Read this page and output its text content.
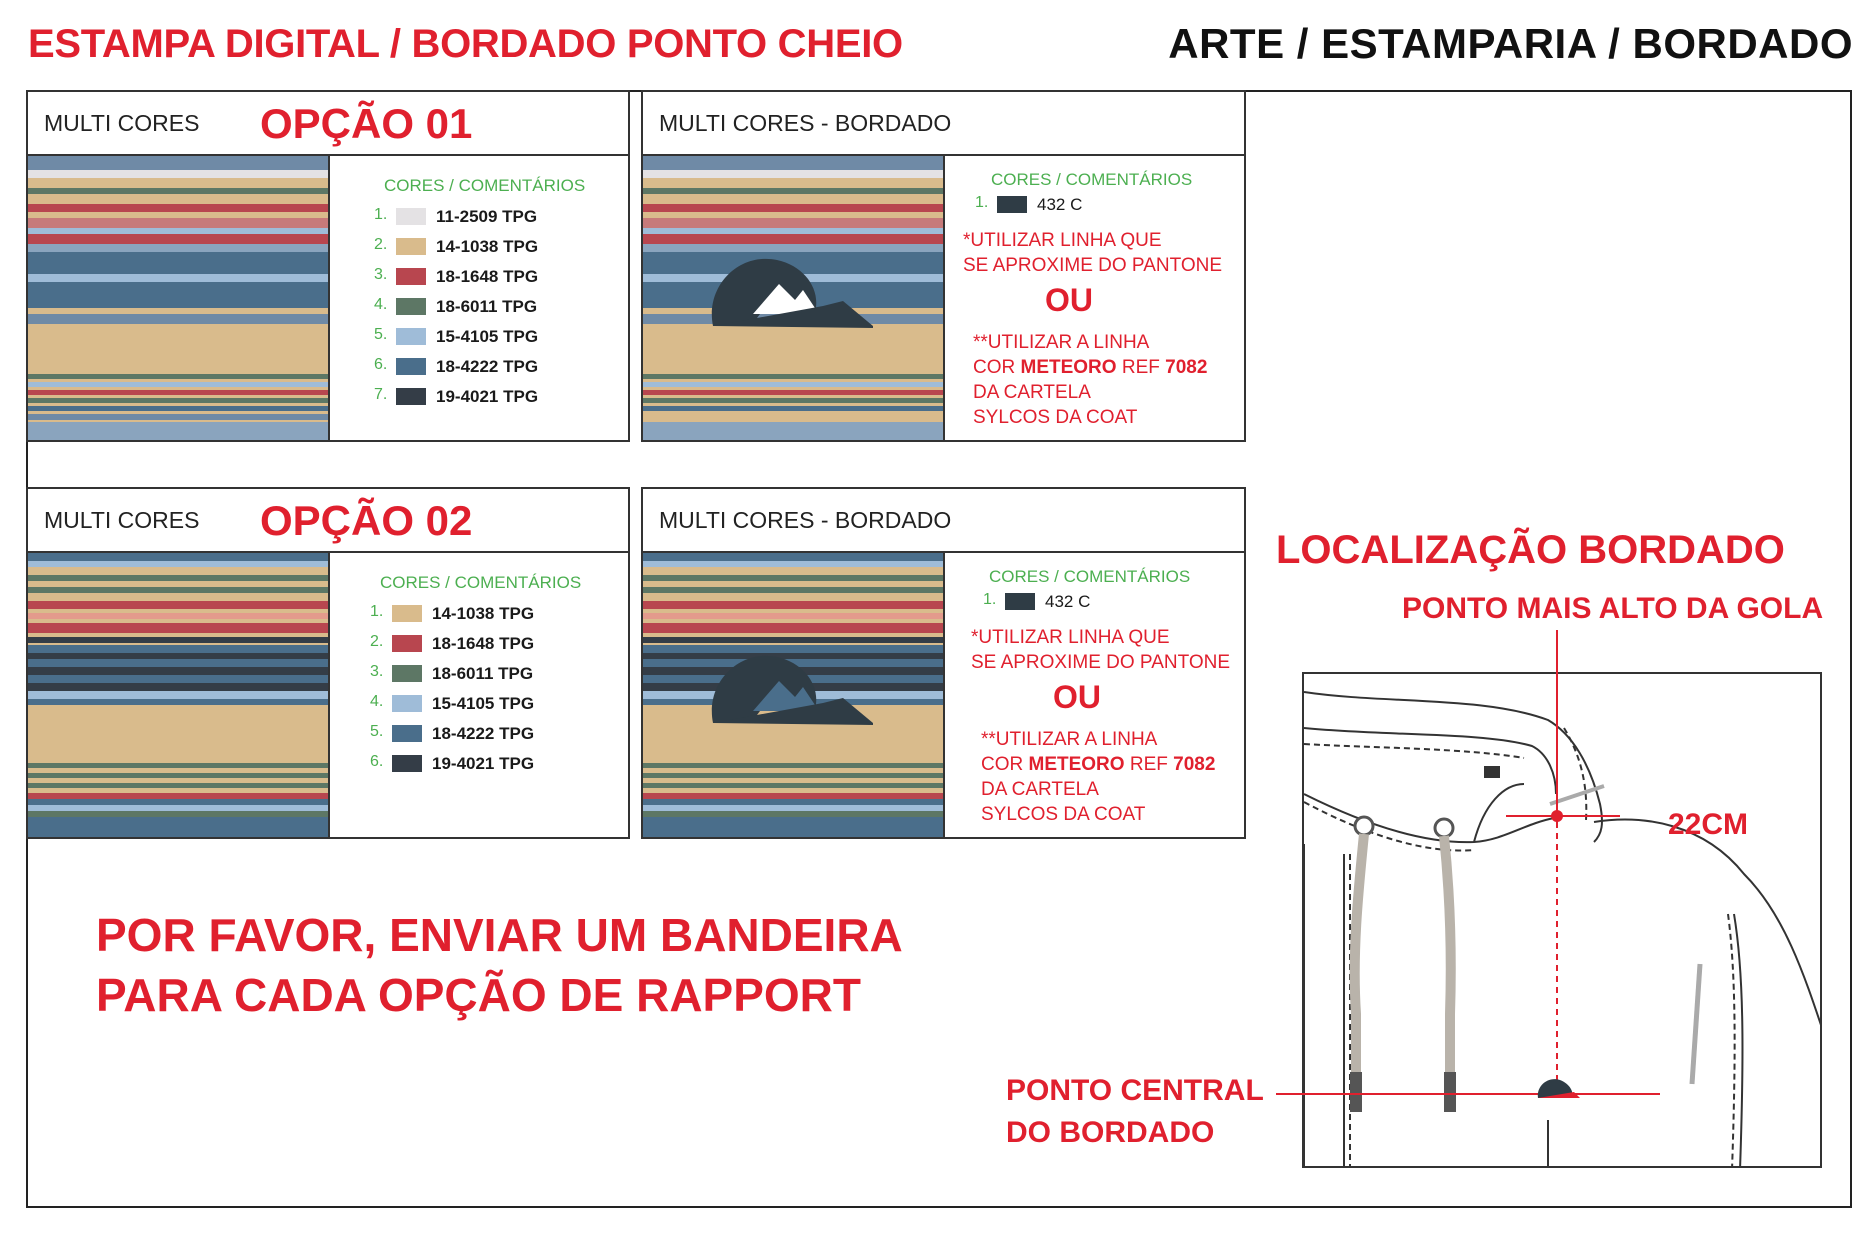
ESTAMPA DIGITAL / BORDADO PONTO CHEIO	ARTE / ESTAMPARIA / BORDADO
MULTI CORES OPÇÃO 01
CORES / COMENTÁRIOS
1.	11-2509 TPG
2.	14-1038 TPG
3.	18-1648 TPG
4.	18-6011 TPG
5.	15-4105 TPG
6.	18-4222 TPG
7.	19-4021 TPG
MULTI CORES - BORDADO
CORES / COMENTÁRIOS
1.	432 C
*UTILIZAR LINHA QUE
SE APROXIME DO PANTONE
OU
**UTILIZAR A LINHA
COR METEORO REF 7082
DA CARTELA
SYLCOS DA COAT
MULTI CORES OPÇÃO 02
CORES / COMENTÁRIOS
1.	14-1038 TPG
2.	18-1648 TPG
3.	18-6011 TPG
4.	15-4105 TPG
5.	18-4222 TPG
6.	19-4021 TPG
MULTI CORES - BORDADO
CORES / COMENTÁRIOS
1.	432 C
*UTILIZAR LINHA QUE
SE APROXIME DO PANTONE
OU
**UTILIZAR A LINHA
COR METEORO REF 7082
DA CARTELA
SYLCOS DA COAT
POR FAVOR, ENVIAR UM BANDEIRA
PARA CADA OPÇÃO DE RAPPORT
LOCALIZAÇÃO BORDADO
PONTO MAIS ALTO DA GOLA
22CM
PONTO CENTRAL
DO BORDADO
